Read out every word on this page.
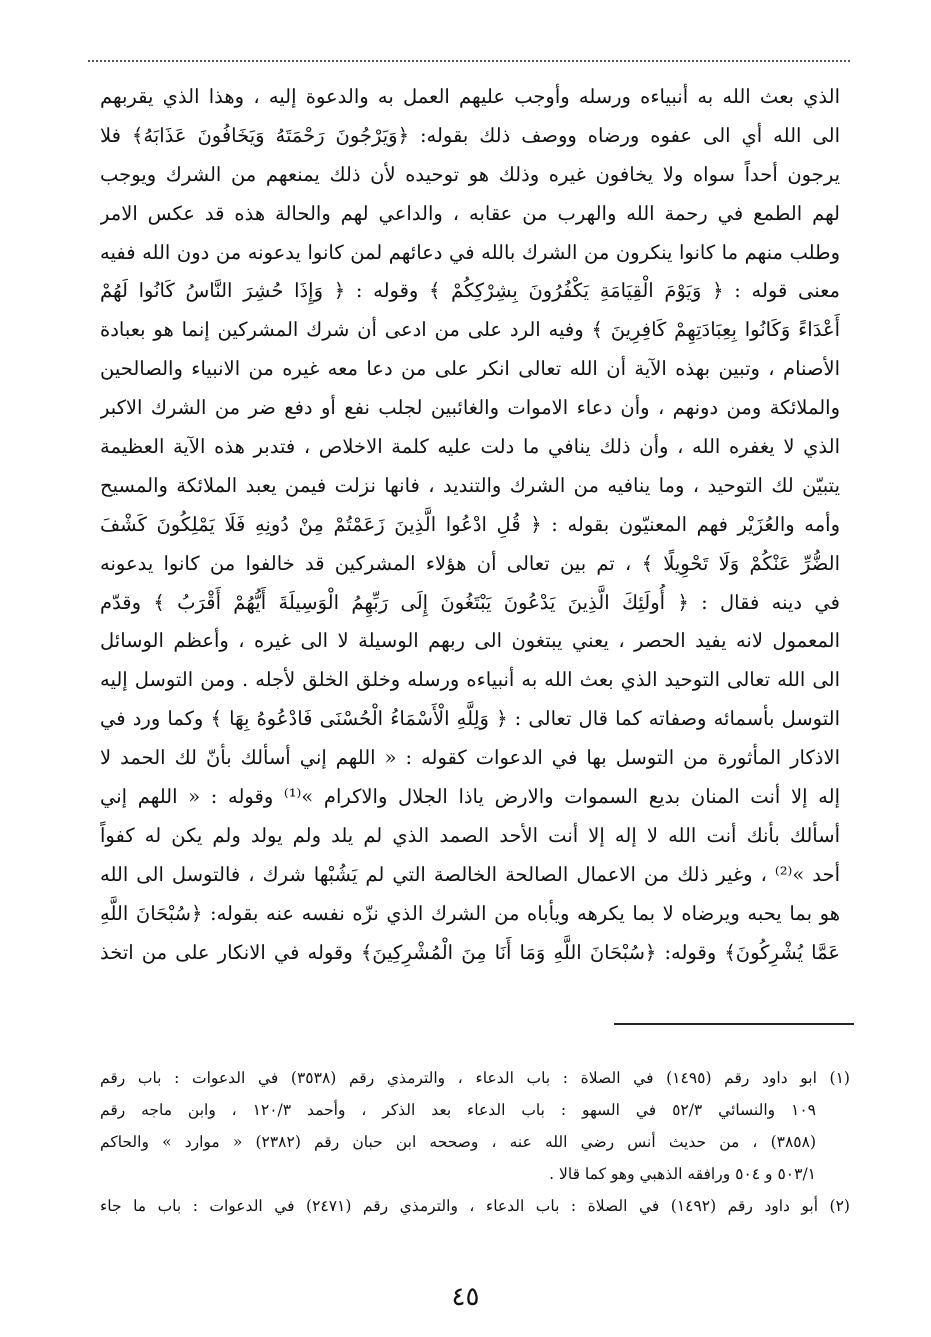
الذي بعث الله به أنبياءه ورسله وأوجب عليهم العمل به والدعوة إليه ، وهذا الذي يقربهم
الى الله أي الى عفوه ورضاه ووصف ذلك بقوله: ﴿وَيَرْجُونَ رَحْمَتَهُ وَيَخَافُونَ عَذَابَهُ﴾ فلا
يرجون أحداً سواه ولا يخافون غيره وذلك هو توحيده لأن ذلك يمنعهم من الشرك ويوجب
لهم الطمع في رحمة الله والهرب من عقابه ، والداعي لهم والحالة هذه قد عكس الامر
وطلب منهم ما كانوا ينكرون من الشرك بالله في دعائهم لمن كانوا يدعونه من دون الله ففيه
معنى قوله : ﴿ وَيَوْمَ الْقِيَامَةِ يَكْفُرُونَ بِشِرْكِكُمْ ﴾ وقوله : ﴿ وَإِذَا حُشِرَ النَّاسُ كَانُوا لَهُمْ
أَعْدَاءً وَكَانُوا بِعِبَادَتِهِمْ كَافِرِينَ ﴾ وفيه الرد على من ادعى أن شرك المشركين إنما هو بعبادة
الأصنام ، وتبين بهذه الآية أن الله تعالى انكر على من دعا معه غيره من الانبياء والصالحين
والملائكة ومن دونهم ، وأن دعاء الاموات والغائبين لجلب نفع أو دفع ضر من الشرك الاكبر
الذي لا يغفره الله ، وأن ذلك ينافي ما دلت عليه كلمة الاخلاص ، فتدبر هذه الآية العظيمة
يتبيّن لك التوحيد ، وما ينافيه من الشرك والتنديد ، فانها نزلت فيمن يعبد الملائكة والمسيح
وأمه والعُزَيْر فهم المعنيّون بقوله : ﴿ قُلِ ادْعُوا الَّذِينَ زَعَمْتُمْ مِنْ دُونِهِ فَلَا يَمْلِكُونَ كَشْفَ
الضُّرِّ عَنْكُمْ وَلَا تَحْوِيلًا ﴾ ، تم بين تعالى أن هؤلاء المشركين قد خالفوا من كانوا يدعونه
في دينه فقال : ﴿ أُولَئِكَ الَّذِينَ يَدْعُونَ يَبْتَغُونَ إِلَى رَبِّهِمُ الْوَسِيلَةَ أَيُّهُمْ أَقْرَبُ ﴾ وقدّم
المعمول لانه يفيد الحصر ، يعني يبتغون الى ربهم الوسيلة لا الى غيره ، وأعظم الوسائل
الى الله تعالى التوحيد الذي بعث الله به أنبياءه ورسله وخلق الخلق لأجله . ومن التوسل إليه
التوسل بأسمائه وصفاته كما قال تعالى : ﴿ وَلِلَّهِ الْأَسْمَاءُ الْحُسْنَى فَادْعُوهُ بِهَا ﴾ وكما ورد في
الاذكار المأثورة من التوسل بها في الدعوات كقوله : « اللهم إني أسألك بأنّ لك الحمد لا
إله إلا أنت المنان بديع السموات والارض ياذا الجلال والاكرام »⁽¹⁾ وقوله : « اللهم إني
أسألك بأنك أنت الله لا إله إلا أنت الأحد الصمد الذي لم يلد ولم يولد ولم يكن له كفواً
أحد »⁽²⁾ ، وغير ذلك من الاعمال الصالحة الخالصة التي لم يَشُبْها شرك ، فالتوسل الى الله
هو بما يحبه ويرضاه لا بما يكرهه ويأباه من الشرك الذي نزّه نفسه عنه بقوله: ﴿سُبْحَانَ اللَّهِ
عَمَّا يُشْرِكُونَ﴾ وقوله: ﴿سُبْحَانَ اللَّهِ وَمَا أَنَا مِنَ الْمُشْرِكِينَ﴾ وقوله في الانكار على من اتخذ
(١) ابو داود رقم (١٤٩٥) في الصلاة : باب الدعاء ، والترمذي رقم (٣٥٣٨) في الدعوات : باب رقم
١٠٩ والنسائي ٥٢/٣ في السهو : باب الدعاء بعد الذكر ، وأحمد ١٢٠/٣ ، وابن ماجه رقم
(٣٨٥٨) ، من حديث أنس رضي الله عنه ، وصححه ابن حبان رقم (٢٣٨٢) « موارد » والحاكم
٥٠٣/١ و ٥٠٤ ورافقه الذهبي وهو كما قالا .
(٢) أبو داود رقم (١٤٩٢) في الصلاة : باب الدعاء ، والترمذي رقم (٢٤٧١) في الدعوات : باب ما جاء
٤٥
